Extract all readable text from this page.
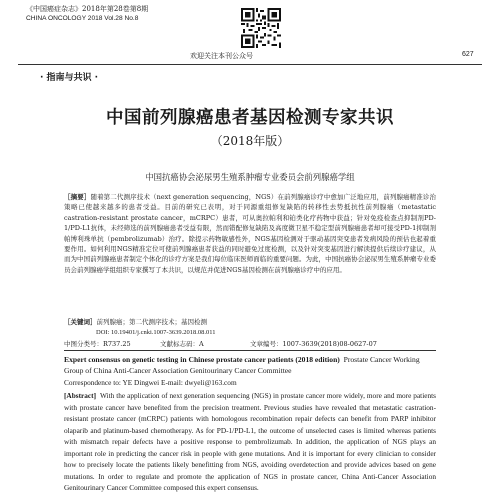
《中国癌症杂志》2018年第28卷第8期
CHINA ONCOLOGY 2018 Vol.28 No.8
欢迎关注本刊公众号	627
· 指南与共识 ·
中国前列腺癌患者基因检测专家共识
（2018年版）
中国抗癌协会泌尿男生殖系肿瘤专业委员会前列腺癌学组
［摘要］随着第二代测序技术（next generation sequencing，NGS）在前列腺癌诊疗中愈加广泛地应用，前列腺癌精准诊治策略已使越来越多的患者受益。目前的研究已表明，对于同源重组修复缺陷的转移性去势抵抗性前列腺癌（metastatic castration-resistant prostate cancer，mCRPC）患者，可从奥拉帕利和铂类化疗药物中获益；针对免疫检查点抑制剂PD-1/PD-L1抗体，未经筛选的前列腺癌患者受益有限，然而错配修复缺陷及高度微卫星不稳定型前列腺癌患者却可接受PD-1抑制剂帕博利珠单抗（pembrolizumab）治疗。除提示药物敏感性外，NGS基因检测对于驱动基因突变患者发病风险的预估也起着重要作用。如何利用NGS精准定位可使前列腺癌患者获益的同时避免过度检测，以及针对突变基因进行解读提供后续诊疗建议，从而为中国前列腺癌患者制定个体化的诊疗方案是我们每位临床医师面临的重要问题。为此，中国抗癌协会泌尿男生殖系肿瘤专业委员会前列腺癌学组组织专家撰写了本共识，以规范并促进NGS基因检测在前列腺癌诊疗中的应用。
［关键词］前列腺癌；第二代测序技术；基因检测
DOI: 10.19401/j.cnki.1007-3639.2018.08.011
中图分类号：R737.25	文献标志码：A	文章编号：1007-3639(2018)08-0627-07
Expert consensus on genetic testing in Chinese prostate cancer patients (2018 edition) Prostate Cancer Working Group of China Anti-Cancer Association Genitourinary Cancer Committee
Correspondence to: YE Dingwei E-mail: dwyeli@163.com
[Abstract] With the application of next generation sequencing (NGS) in prostate cancer more widely, more and more patients with prostate cancer have benefited from the precision treatment. Previous studies have revealed that metastatic castration-resistant prostate cancer (mCRPC) patients with homologous recombination repair defects can benefit from PARP inhibitor olaparib and platinum-based chemotherapy. As for PD-1/PD-L1, the outcome of unselected cases is limited whereas patients with mismatch repair defects have a positive response to pembrolizumab. In addition, the application of NGS plays an important role in predicting the cancer risk in people with gene mutations. And it is important for every clinician to consider how to precisely locate the patients likely benefitting from NGS, avoiding overdetection and provide advices based on gene mutations. In order to regulate and promote the application of NGS in prostate cancer, China Anti-Cancer Association Genitourinary Cancer Committee composed this expert consensus.
